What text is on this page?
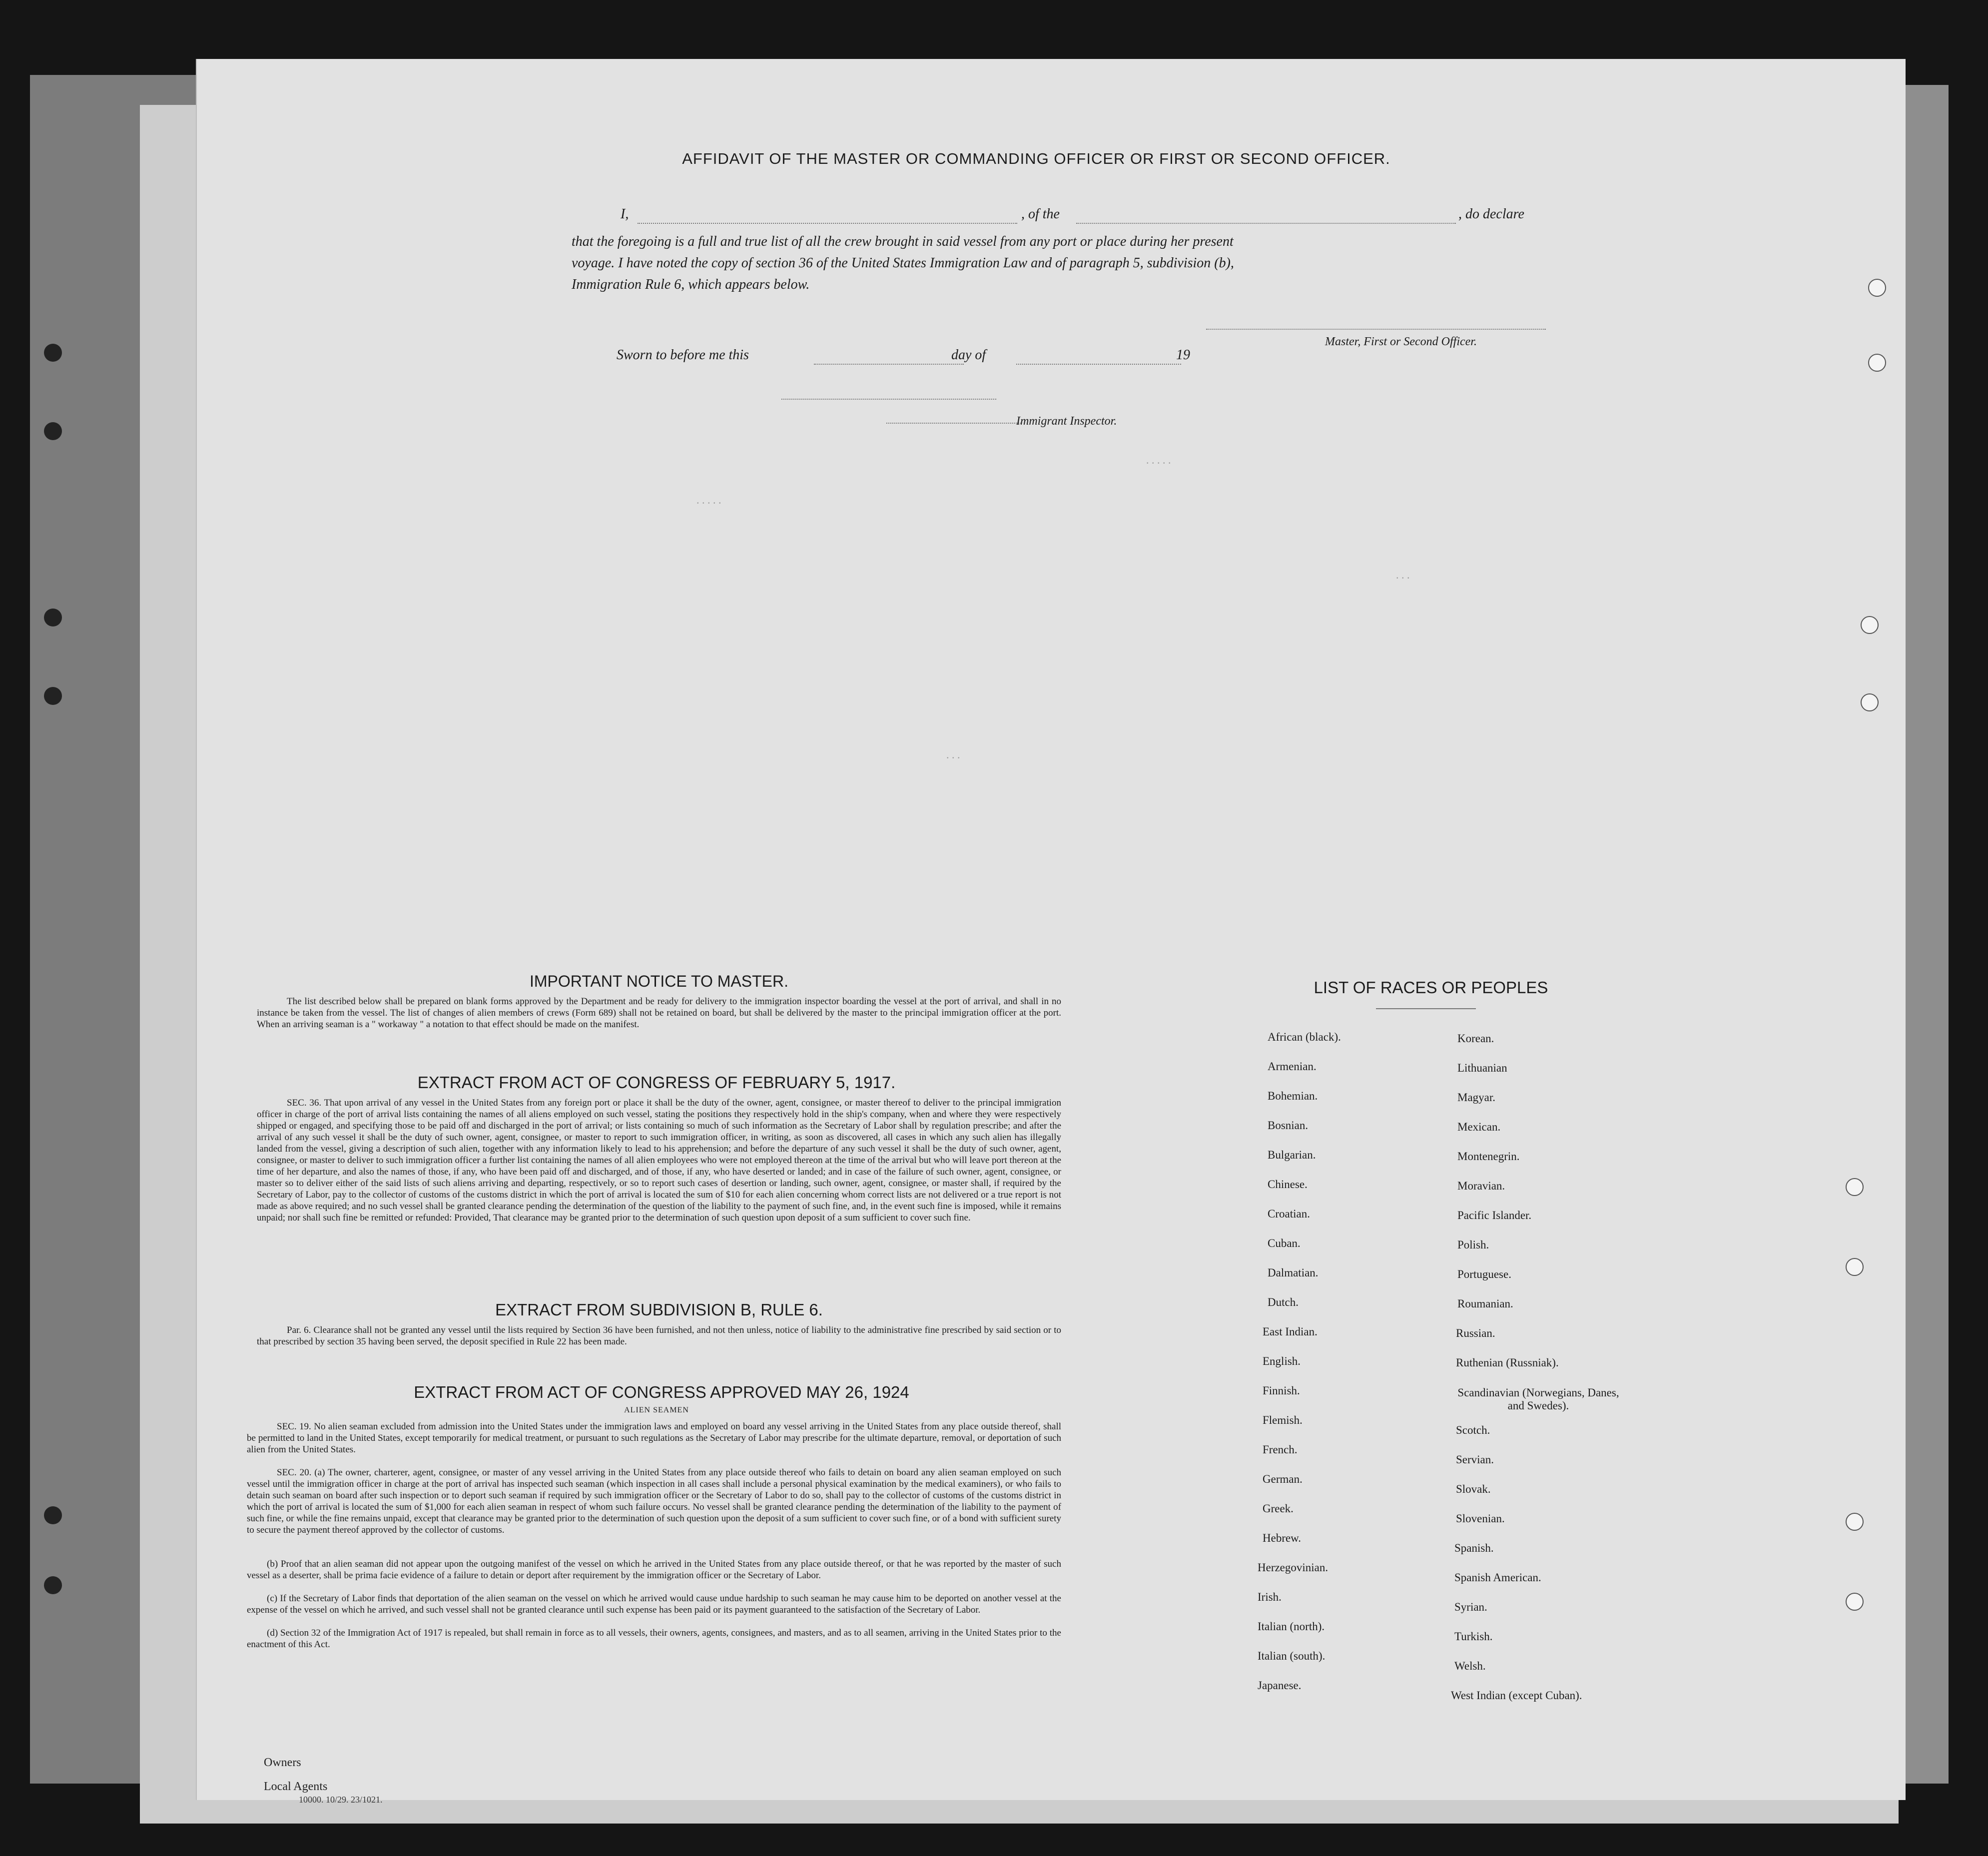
AFFIDAVIT OF THE MASTER OR COMMANDING OFFICER OR FIRST OR SECOND OFFICER.
I,	, of the	, do declare
that the foregoing is a full and true list of all the crew brought in said vessel from any port or place during her present
voyage. I have noted the copy of section 36 of the United States Immigration Law and of paragraph 5, subdivision (b),
Immigration Rule 6, which appears below.
Master, First or Second Officer.
Sworn to before me this	day of	19
Immigrant Inspector.
. . . . .
. . . . .
. . .
. . .
IMPORTANT NOTICE TO MASTER.
The list described below shall be prepared on blank forms approved by the Department and be ready for delivery to the immigration inspector boarding the vessel at the port of arrival, and shall in no instance be taken from the vessel. The list of changes of alien members of crews (Form 689) shall not be retained on board, but shall be delivered by the master to the principal immigration officer at the port. When an arriving seaman is a " workaway " a notation to that effect should be made on the manifest.
EXTRACT FROM ACT OF CONGRESS OF FEBRUARY 5, 1917.
SEC. 36. That upon arrival of any vessel in the United States from any foreign port or place it shall be the duty of the owner, agent, consignee, or master thereof to deliver to the principal immigration officer in charge of the port of arrival lists containing the names of all aliens employed on such vessel, stating the positions they respectively hold in the ship's company, when and where they were respectively shipped or engaged, and specifying those to be paid off and discharged in the port of arrival; or lists containing so much of such information as the Secretary of Labor shall by regulation prescribe; and after the arrival of any such vessel it shall be the duty of such owner, agent, consignee, or master to report to such immigration officer, in writing, as soon as discovered, all cases in which any such alien has illegally landed from the vessel, giving a description of such alien, together with any information likely to lead to his apprehension; and before the departure of any such vessel it shall be the duty of such owner, agent, consignee, or master to deliver to such immigration officer a further list containing the names of all alien employees who were not employed thereon at the time of the arrival but who will leave port thereon at the time of her departure, and also the names of those, if any, who have been paid off and discharged, and of those, if any, who have deserted or landed; and in case of the failure of such owner, agent, consignee, or master so to deliver either of the said lists of such aliens arriving and departing, respectively, or so to report such cases of desertion or landing, such owner, agent, consignee, or master shall, if required by the Secretary of Labor, pay to the collector of customs of the customs district in which the port of arrival is located the sum of $10 for each alien concerning whom correct lists are not delivered or a true report is not made as above required; and no such vessel shall be granted clearance pending the determination of the question of the liability to the payment of such fine, and, in the event such fine is imposed, while it remains unpaid; nor shall such fine be remitted or refunded: Provided, That clearance may be granted prior to the determination of such question upon deposit of a sum sufficient to cover such fine.
EXTRACT FROM SUBDIVISION B, RULE 6.
Par. 6. Clearance shall not be granted any vessel until the lists required by Section 36 have been furnished, and not then unless, notice of liability to the administrative fine prescribed by said section or to that prescribed by section 35 having been served, the deposit specified in Rule 22 has been made.
EXTRACT FROM ACT OF CONGRESS APPROVED MAY 26, 1924
ALIEN SEAMEN
SEC. 19. No alien seaman excluded from admission into the United States under the immigration laws and employed on board any vessel arriving in the United States from any place outside thereof, shall be permitted to land in the United States, except temporarily for medical treatment, or pursuant to such regulations as the Secretary of Labor may prescribe for the ultimate departure, removal, or deportation of such alien from the United States.
SEC. 20. (a) The owner, charterer, agent, consignee, or master of any vessel arriving in the United States from any place outside thereof who fails to detain on board any alien seaman employed on such vessel until the immigration officer in charge at the port of arrival has inspected such seaman (which inspection in all cases shall include a personal physical examination by the medical examiners), or who fails to detain such seaman on board after such inspection or to deport such seaman if required by such immigration officer or the Secretary of Labor to do so, shall pay to the collector of customs of the customs district in which the port of arrival is located the sum of $1,000 for each alien seaman in respect of whom such failure occurs. No vessel shall be granted clearance pending the determination of the liability to the payment of such fine, or while the fine remains unpaid, except that clearance may be granted prior to the determination of such question upon the deposit of a sum sufficient to cover such fine, or of a bond with sufficient surety to secure the payment thereof approved by the collector of customs.
(b) Proof that an alien seaman did not appear upon the outgoing manifest of the vessel on which he arrived in the United States from any place outside thereof, or that he was reported by the master of such vessel as a deserter, shall be prima facie evidence of a failure to detain or deport after requirement by the immigration officer or the Secretary of Labor.
(c) If the Secretary of Labor finds that deportation of the alien seaman on the vessel on which he arrived would cause undue hardship to such seaman he may cause him to be deported on another vessel at the expense of the vessel on which he arrived, and such vessel shall not be granted clearance until such expense has been paid or its payment guaranteed to the satisfaction of the Secretary of Labor.
(d) Section 32 of the Immigration Act of 1917 is repealed, but shall remain in force as to all vessels, their owners, agents, consignees, and masters, and as to all seamen, arriving in the United States prior to the enactment of this Act.
LIST OF RACES OR PEOPLES
African (black).
Armenian.
Bohemian.
Bosnian.
Bulgarian.
Chinese.
Croatian.
Cuban.
Dalmatian.
Dutch.
East Indian.
English.
Finnish.
Flemish.
French.
German.
Greek.
Hebrew.
Herzegovinian.
Irish.
Italian (north).
Italian (south).
Japanese.
Korean.
Lithuanian
Magyar.
Mexican.
Montenegrin.
Moravian.
Pacific Islander.
Polish.
Portuguese.
Roumanian.
Russian.
Ruthenian (Russniak).
Scandinavian (Norwegians, Danes, and Swedes).
Scotch.
Servian.
Slovak.
Slovenian.
Spanish.
Spanish American.
Syrian.
Turkish.
Welsh.
West Indian (except Cuban).
Owners
Local Agents
10000. 10/29. 23/1021.
